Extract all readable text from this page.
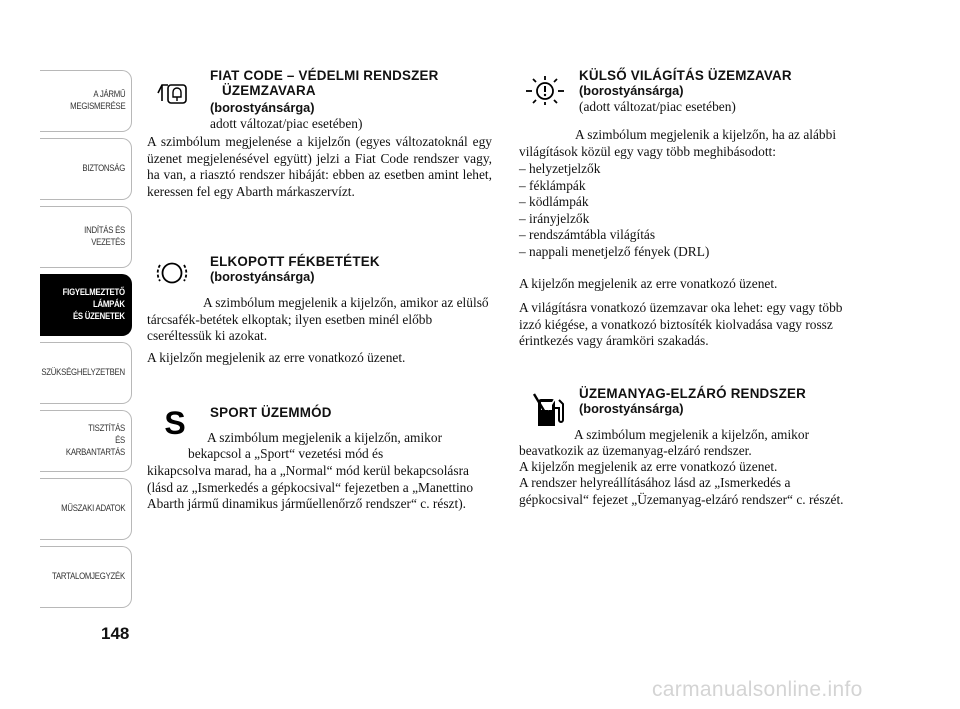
A JÁRMŰ
MEGISMERÉSE
BIZTONSÁG
INDÍTÁS ÉS VEZETÉS
FIGYELMEZTETŐ
LÁMPÁK
ÉS ÜZENETEK
SZÜKSÉGHELYZETBEN
TISZTÍTÁS
ÉS KARBANTARTÁS
MŰSZAKI ADATOK
TARTALOMJEGYZÉK
148
FIAT CODE – VÉDELMI RENDSZER
ÜZEMZAVARA
(borostyánsárga)
adott változat/piac esetében)

A szimbólum megjelenése a kijelzőn (egyes változatoknál egy üzenet megjelenésével együtt) jelzi a Fiat Code rendszer vagy, ha van, a riasztó rendszer hibáját: ebben az esetben amint lehet, keressen fel egy Abarth márkaszervízt.

ELKOPOTT FÉKBETÉTEK
(borostyánsárga)

A szimbólum megjelenik a kijelzőn, amikor az elülső tárcsafék-betétek elkoptak; ilyen esetben minél előbb cseréltessük ki azokat.

A kijelzőn megjelenik az erre vonatkozó üzenet.

S SPORT ÜZEMMÓD

A szimbólum megjelenik a kijelzőn, amikor

bekapcsol a „Sport“ vezetési mód és

kikapcsolva marad, ha a „Normal“ mód kerül bekapcsolásra (lásd az „Ismerkedés a gépkocsival“ fejezetben a „Manettino Abarth jármű dinamikus járműellenőrző rendszer“ c. részt).

KÜLSŐ VILÁGÍTÁS ÜZEMZAVAR
(borostyánsárga)
(adott változat/piac esetében)

A szimbólum megjelenik a kijelzőn, ha az alábbi világítások közül egy vagy több meghibásodott:

– helyzetjelzők
– féklámpák
– ködlámpák
– irányjelzők
– rendszámtábla világítás
– nappali menetjelző fények (DRL)

A kijelzőn megjelenik az erre vonatkozó üzenet.

A világításra vonatkozó üzemzavar oka lehet: egy vagy több izzó kiégése, a vonatkozó biztosíték kiolvadása vagy rossz érintkezés vagy áramköri szakadás.

ÜZEMANYAG-ELZÁRÓ RENDSZER
(borostyánsárga)

A szimbólum megjelenik a kijelzőn, amikor

beavatkozik az üzemanyag-elzáró rendszer.

A kijelzőn megjelenik az erre vonatkozó üzenet.

A rendszer helyreállításához lásd az „Ismerkedés a gépkocsival“ fejezet „Üzemanyag-elzáró rendszer“ c. részét.

carmanualsonline.info
